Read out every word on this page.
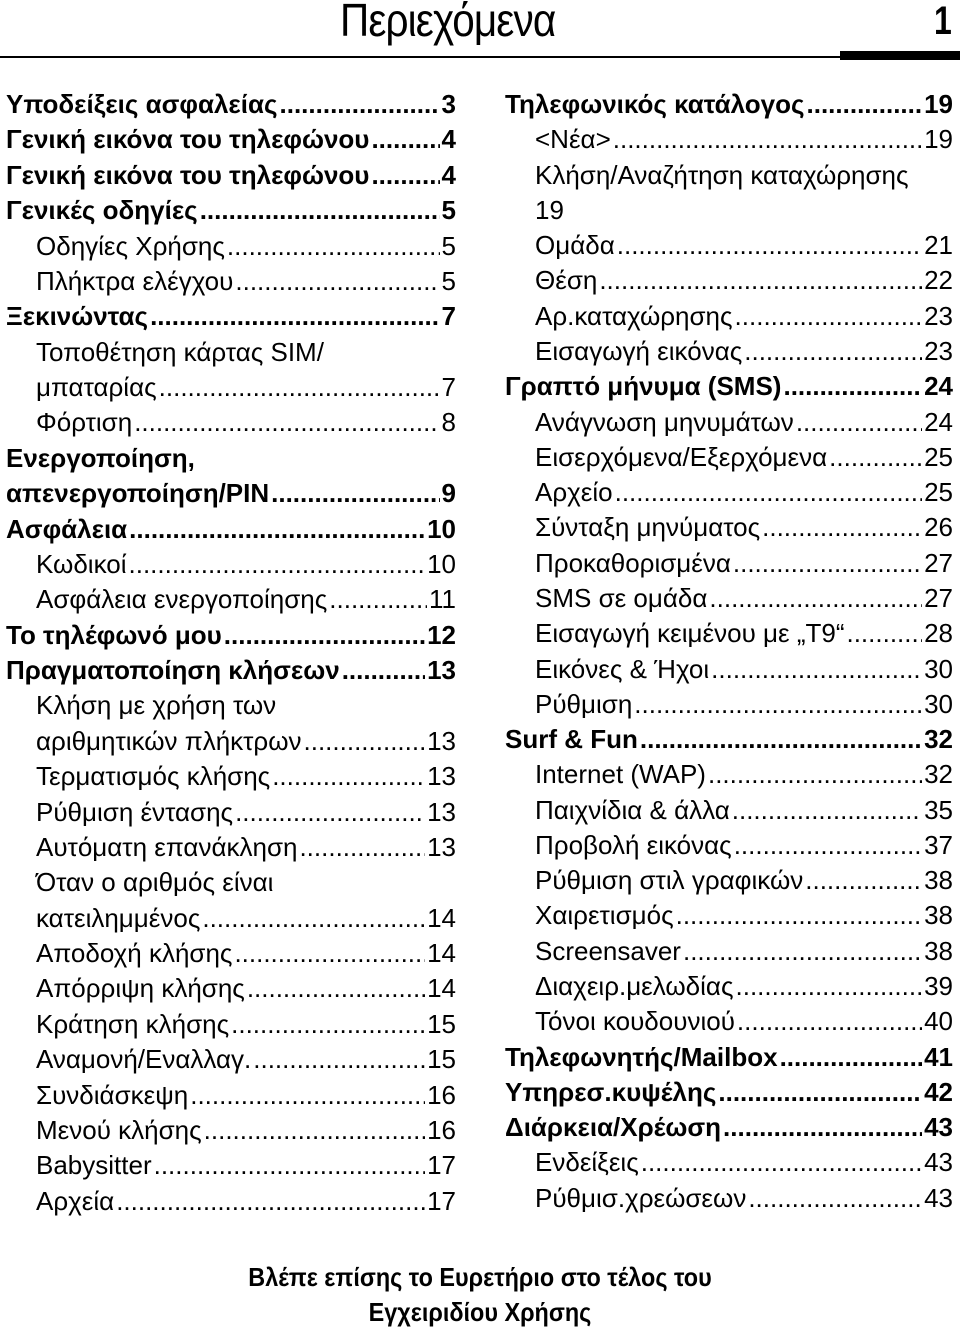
Περιεχόμενα	1
Υποδείξεις ασφαλείας .....	3
Γενική εικόνα του τηλεφώνου .....	4
Γενική εικόνα του τηλεφώνου .....	4
Γενικές οδηγίες .....	5
Οδηγίες Χρήσης .....	5
Πλήκτρα ελέγχου .....	5
Ξεκινώντας .....	7
Τοποθέτηση κάρτας SIM/
μπαταρίας .....	7
Φόρτιση .....	8
Ενεργοποίηση,
απενεργοποίηση/PIN .....	9
Ασφάλεια .....	10
Κωδικοί .....	10
Ασφάλεια ενεργοποίησης .....	11
Το τηλέφωνό μου .....	12
Πραγματοποίηση κλήσεων .....	13
Κλήση με χρήση των
αριθμητικών πλήκτρων .....	13
Τερματισμός κλήσης .....	13
Ρύθμιση έντασης .....	13
Αυτόματη επανάκληση .....	13
Όταν ο αριθμός είναι
κατειλημμένος .....	14
Αποδοχή κλήσης .....	14
Απόρριψη κλήσης .....	14
Κράτηση κλήσης .....	15
Αναμονή/Εναλλαγ. .....	15
Συνδιάσκεψη .....	16
Μενού κλήσης .....	16
Babysitter .....	17
Αρχεία .....	17
Τηλεφωνικός κατάλογος .....	19
<Νέα> .....	19
Κλήση/Αναζήτηση καταχώρησης
19
Ομάδα .....	21
Θέση .....	22
Αρ.καταχώρησης .....	23
Εισαγωγή εικόνας .....	23
Γραπτό μήνυμα (SMS) .....	24
Ανάγνωση μηνυμάτων .....	24
Εισερχόμενα/Εξερχόμενα .....	25
Αρχείο .....	25
Σύνταξη μηνύματος .....	26
Προκαθορισμένα .....	27
SMS σε ομάδα .....	27
Εισαγωγή κειμένου με „T9“ .....	28
Εικόνες & Ήχοι .....	30
Ρύθμιση .....	30
Surf & Fun .....	32
Internet (WAP) .....	32
Παιχνίδια & άλλα .....	35
Προβολή εικόνας .....	37
Ρύθμιση στιλ γραφικών .....	38
Χαιρετισμός .....	38
Screensaver .....	38
Διαχειρ.μελωδίας .....	39
Τόνοι κουδουνιού .....	40
Τηλεφωνητής/Mailbox .....	41
Υπηρεσ.κυψέλης .....	42
Διάρκεια/Χρέωση .....	43
Ενδείξεις .....	43
Ρύθμισ.χρεώσεων .....	43
Βλέπε επίσης το Ευρετήριο στο τέλος του
Εγχειριδίου Χρήσης
